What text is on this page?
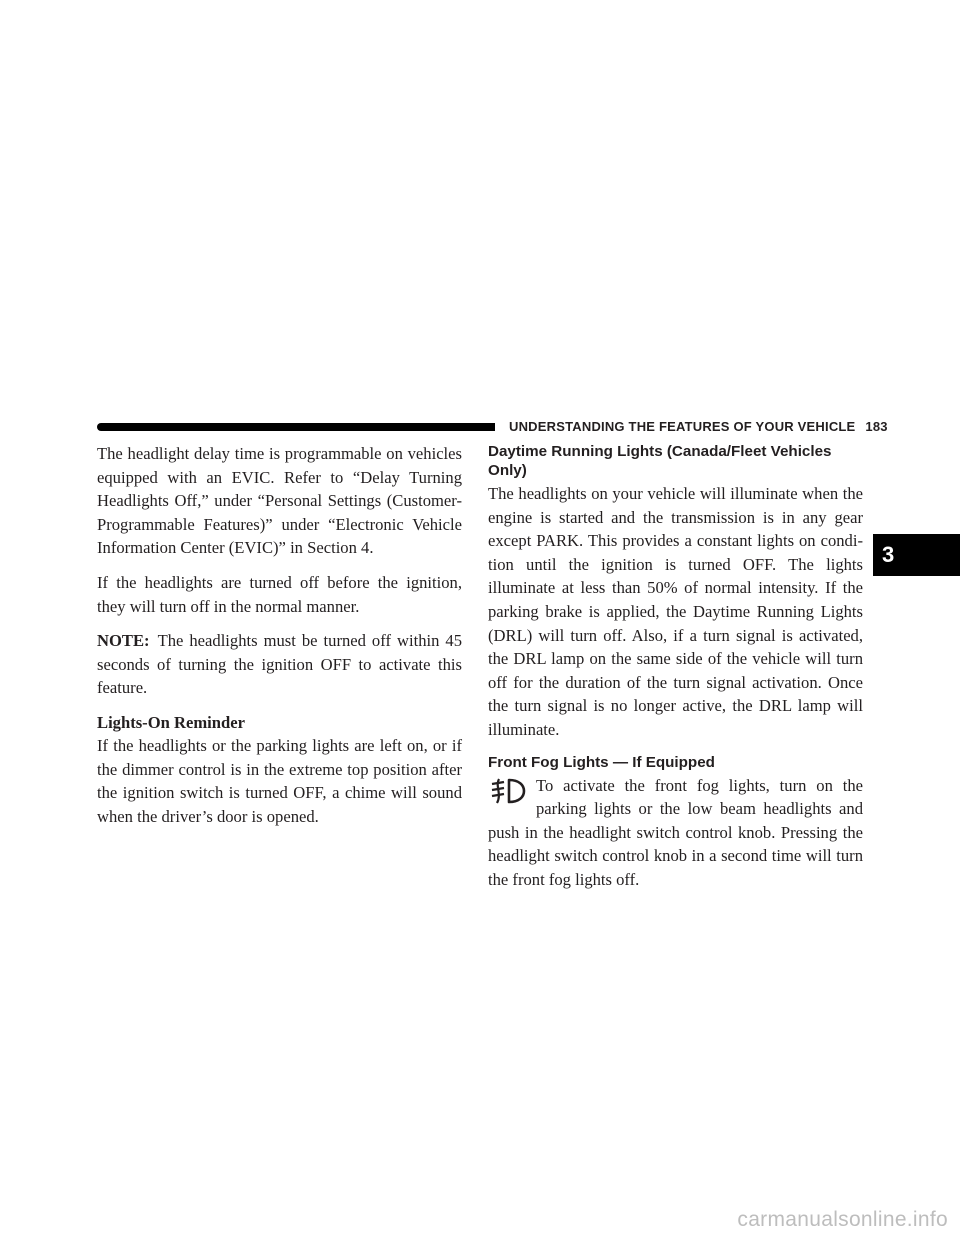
UNDERSTANDING THE FEATURES OF YOUR VEHICLE 183

The headlight delay time is programmable on vehicles equipped with an EVIC. Refer to “Delay Turning Headlights Off,” under “Personal Settings (Customer-Programmable Features)” under “Electronic Vehicle Information Center (EVIC)” in Section 4.

If the headlights are turned off before the ignition, they will turn off in the normal manner.

NOTE: The headlights must be turned off within 45 seconds of turning the ignition OFF to activate this feature.

Lights-On Reminder

If the headlights or the parking lights are left on, or if the dimmer control is in the extreme top position after the ignition switch is turned OFF, a chime will sound when the driver’s door is opened.

Daytime Running Lights (Canada/Fleet Vehicles Only)

The headlights on your vehicle will illuminate when the engine is started and the transmission is in any gear except PARK. This provides a constant lights on condition until the ignition is turned OFF. The lights illuminate at less than 50% of normal intensity. If the parking brake is applied, the Daytime Running Lights (DRL) will turn off. Also, if a turn signal is activated, the DRL lamp on the same side of the vehicle will turn off for the duration of the turn signal activation. Once the turn signal is no longer active, the DRL lamp will illuminate.

Front Fog Lights — If Equipped

To activate the front fog lights, turn on the parking lights or the low beam headlights and push in the headlight switch control knob. Pressing the headlight switch control knob in a second time will turn the front fog lights off.

3
carmanualsonline.info
